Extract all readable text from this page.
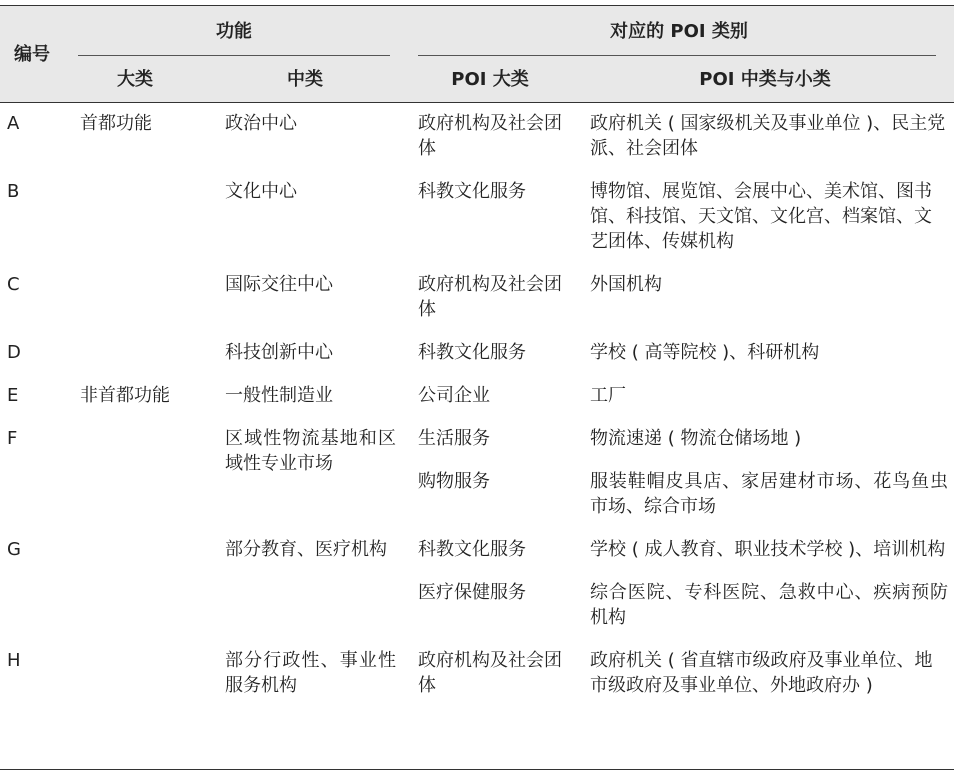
编号	功能		对应的 POI 类别	

	大类	中类	POI 大类	POI 中类与小类

A	首都功能	政治中心	政府机构及社会团体	政府机关 ( 国家级机关及事业单位 )、民主党派、社会团体

B		文化中心	科教文化服务	博物馆、展览馆、会展中心、美术馆、图书馆、科技馆、天文馆、文化宫、档案馆、文艺团体、传媒机构

C		国际交往中心	政府机构及社会团体	外国机构

D		科技创新中心	科教文化服务	学校 ( 高等院校 )、科研机构

E	非首都功能	一般性制造业	公司企业	工厂

F		区域性物流基地和区域性专业市场	生活服务	物流速递 ( 物流仓储场地 )

			购物服务	服装鞋帽皮具店、家居建材市场、花鸟鱼虫市场、综合市场

G		部分教育、医疗机构	科教文化服务	学校 ( 成人教育、职业技术学校 )、培训机构

			医疗保健服务	综合医院、专科医院、急救中心、疾病预防机构

H		部分行政性、事业性服务机构	政府机构及社会团体	政府机关 ( 省直辖市级政府及事业单位、地市级政府及事业单位、外地政府办 )
